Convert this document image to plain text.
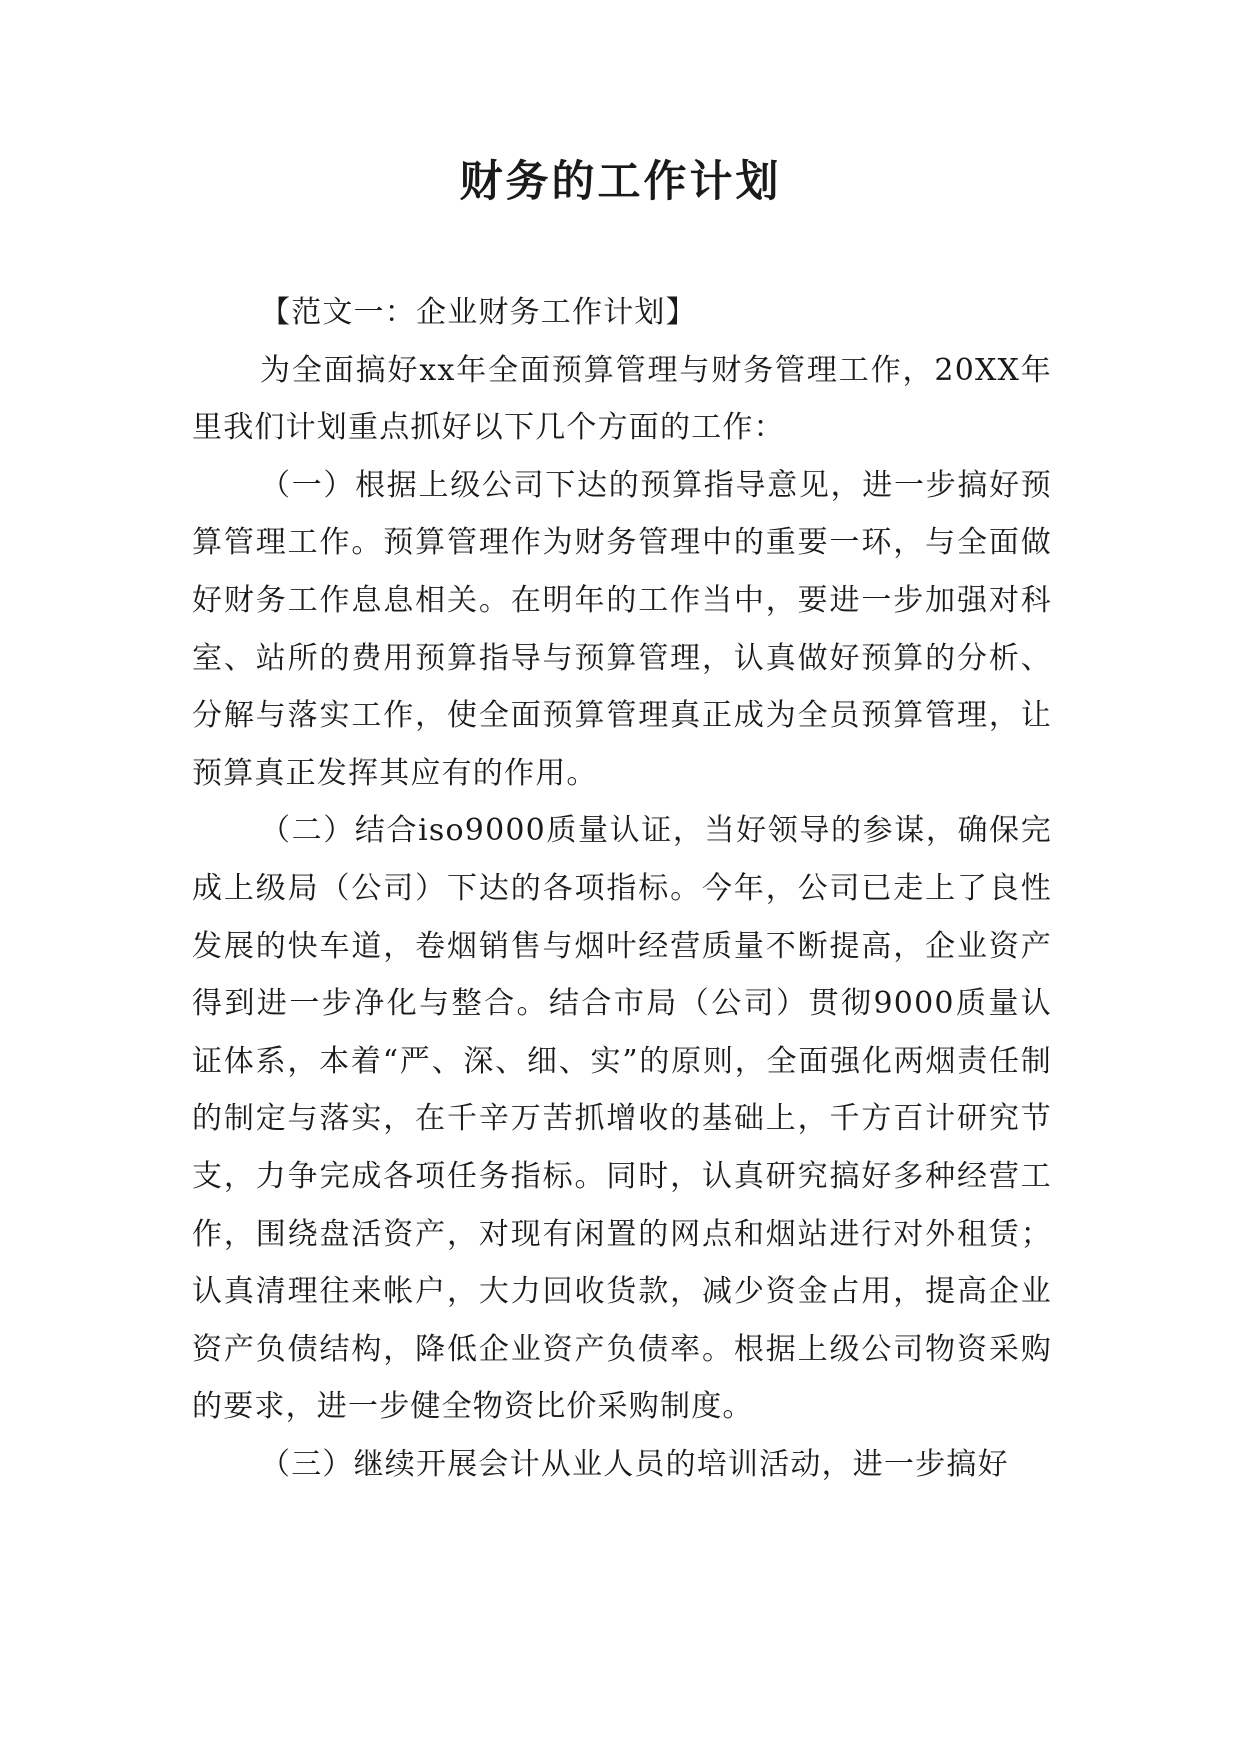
财务的工作计划

【范文一：企业财务工作计划】

为全面搞好xx年全面预算管理与财务管理工作，20XX年里我们计划重点抓好以下几个方面的工作：

（一）根据上级公司下达的预算指导意见，进一步搞好预算管理工作。预算管理作为财务管理中的重要一环，与全面做好财务工作息息相关。在明年的工作当中，要进一步加强对科室、站所的费用预算指导与预算管理，认真做好预算的分析、分解与落实工作，使全面预算管理真正成为全员预算管理，让预算真正发挥其应有的作用。

（二）结合iso9000质量认证，当好领导的参谋，确保完成上级局（公司）下达的各项指标。今年，公司已走上了良性发展的快车道，卷烟销售与烟叶经营质量不断提高，企业资产得到进一步净化与整合。结合市局（公司）贯彻9000质量认证体系，本着“严、深、细、实”的原则，全面强化两烟责任制的制定与落实，在千辛万苦抓增收的基础上，千方百计研究节支，力争完成各项任务指标。同时，认真研究搞好多种经营工作，围绕盘活资产，对现有闲置的网点和烟站进行对外租赁；认真清理往来帐户，大力回收货款，减少资金占用，提高企业资产负债结构，降低企业资产负债率。根据上级公司物资采购的要求，进一步健全物资比价采购制度。

（三）继续开展会计从业人员的培训活动，进一步搞好
